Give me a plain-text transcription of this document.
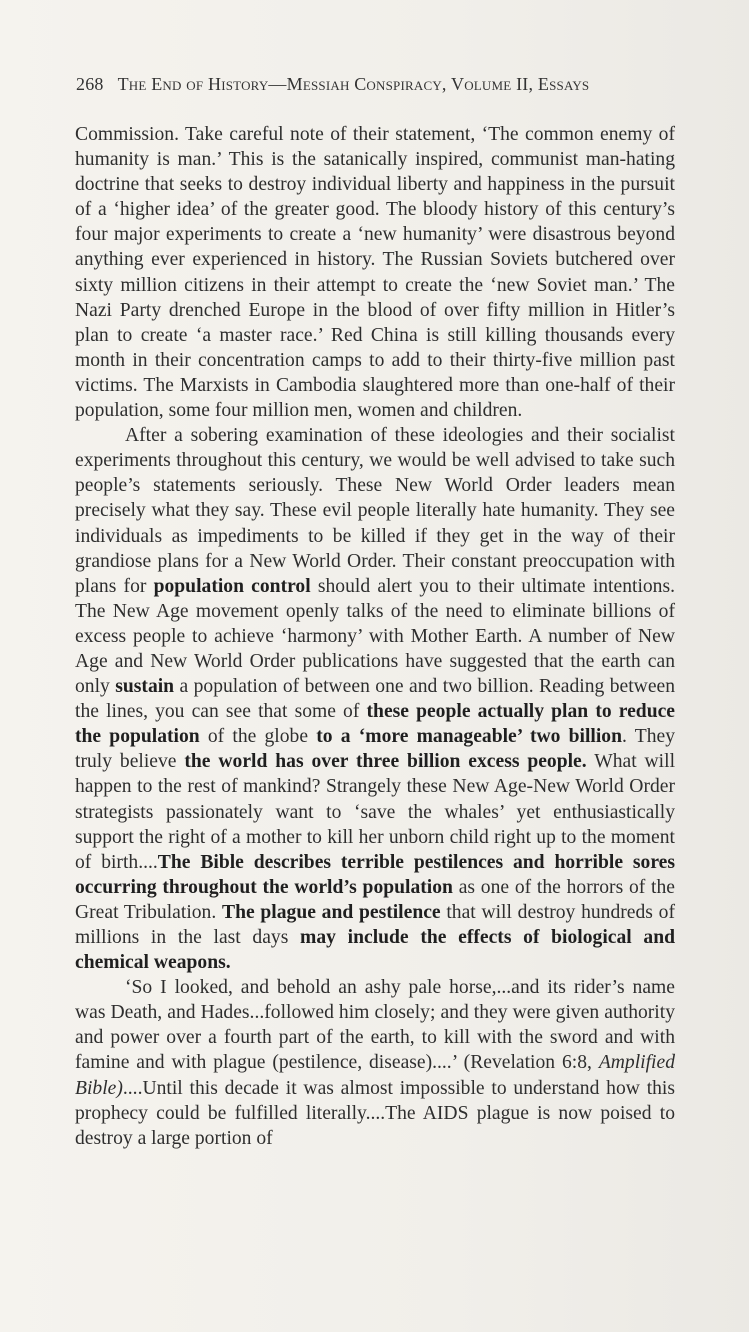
268 The End of History—Messiah Conspiracy, Volume II, Essays

Commission. Take careful note of their statement, ‘The common enemy of humanity is man.’ This is the satanically inspired, communist man-hating doctrine that seeks to destroy individual liberty and happiness in the pursuit of a ‘higher idea’ of the greater good. The bloody history of this century’s four major experiments to create a ‘new humanity’ were disastrous beyond anything ever experienced in history. The Russian Soviets butchered over sixty million citizens in their attempt to create the ‘new Soviet man.’ The Nazi Party drenched Europe in the blood of over fifty million in Hitler’s plan to create ‘a master race.’ Red China is still killing thousands every month in their concentration camps to add to their thirty-five million past victims. The Marxists in Cambodia slaughtered more than one-half of their population, some four million men, women and children.

After a sobering examination of these ideologies and their socialist experiments throughout this century, we would be well advised to take such people’s statements seriously. These New World Order leaders mean precisely what they say. These evil people literally hate humanity. They see individuals as impediments to be killed if they get in the way of their grandiose plans for a New World Order. Their constant preoccupation with plans for population control should alert you to their ultimate intentions. The New Age movement openly talks of the need to eliminate billions of excess people to achieve ‘harmony’ with Mother Earth. A number of New Age and New World Order publications have suggested that the earth can only sustain a population of between one and two billion. Reading between the lines, you can see that some of these people actually plan to reduce the population of the globe to a ‘more manageable’ two billion. They truly believe the world has over three billion excess people. What will happen to the rest of mankind? Strangely these New Age-New World Order strategists passionately want to ‘save the whales’ yet enthusiastically support the right of a mother to kill her unborn child right up to the moment of birth....The Bible describes terrible pestilences and horrible sores occurring throughout the world’s population as one of the horrors of the Great Tribulation. The plague and pestilence that will destroy hundreds of millions in the last days may include the effects of biological and chemical weapons.

‘So I looked, and behold an ashy pale horse,...and its rider’s name was Death, and Hades...followed him closely; and they were given authority and power over a fourth part of the earth, to kill with the sword and with famine and with plague (pestilence, disease)....’ (Revelation 6:8, Amplified Bible)....Until this decade it was almost impossible to understand how this prophecy could be fulfilled literally....The AIDS plague is now poised to destroy a large portion of
